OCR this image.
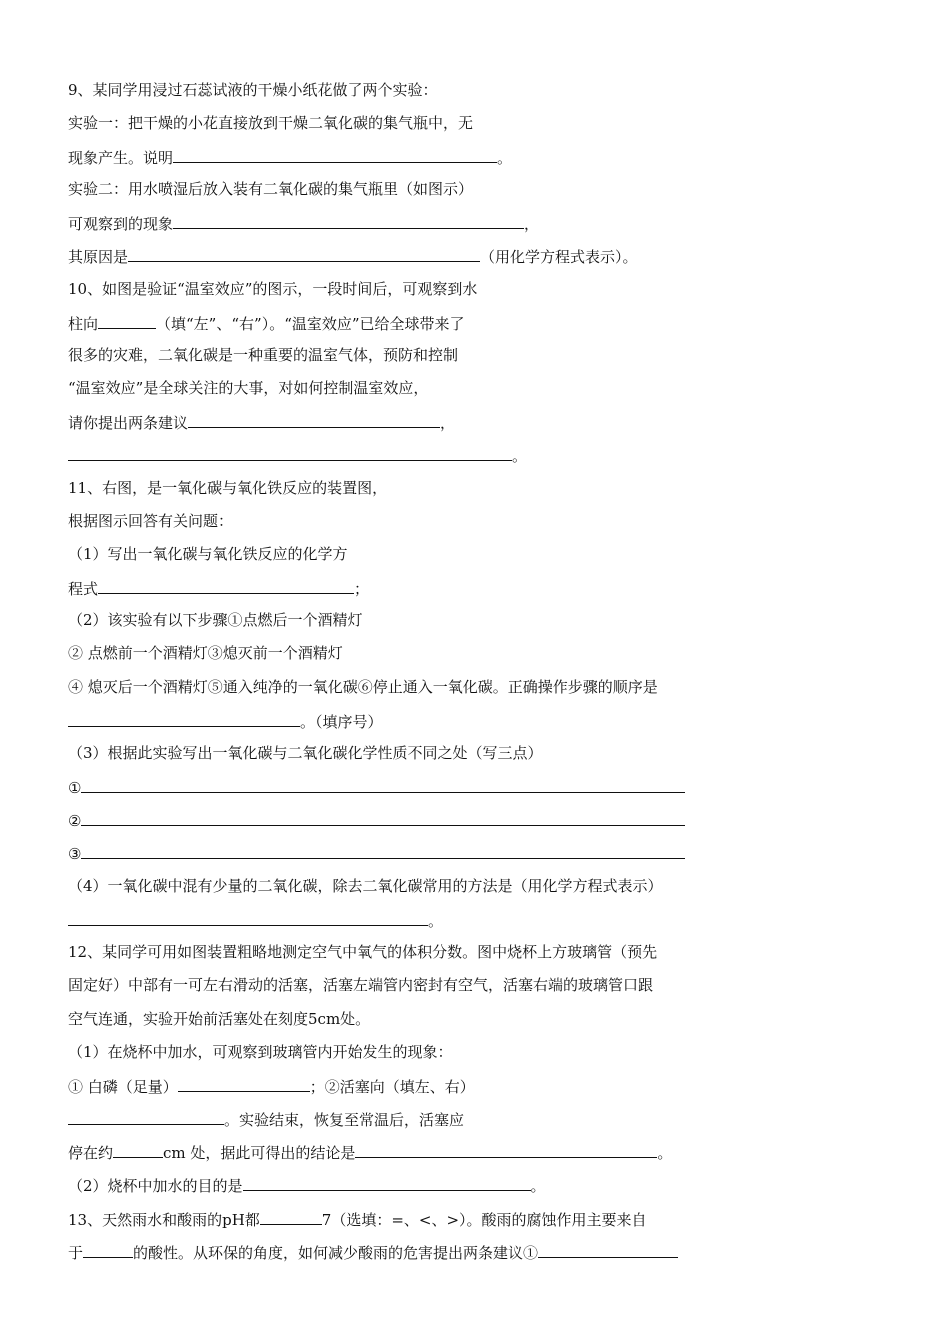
9、某同学用浸过石蕊试液的干燥小纸花做了两个实验：
实验一：把干燥的小花直接放到干燥二氧化碳的集气瓶中，无
现象产生。说明	。
实验二：用水喷湿后放入装有二氧化碳的集气瓶里（如图示）
可观察到的现象	，
其原因是	（用化学方程式表示）。
10、如图是验证“温室效应”的图示，一段时间后，可观察到水
柱向	（填“左”、“右”）。“温室效应”已给全球带来了
很多的灾难，二氧化碳是一种重要的温室气体，预防和控制
“温室效应”是全球关注的大事，对如何控制温室效应，
请你提出两条建议	，
。
11、右图，是一氧化碳与氧化铁反应的装置图，
根据图示回答有关问题：
（1）写出一氧化碳与氧化铁反应的化学方
程式	；
（2）该实验有以下步骤①点燃后一个酒精灯
② 点燃前一个酒精灯③熄灭前一个酒精灯
④ 熄灭后一个酒精灯⑤通入纯净的一氧化碳⑥停止通入一氧化碳。正确操作步骤的顺序是
。（填序号）
（3）根据此实验写出一氧化碳与二氧化碳化学性质不同之处（写三点）
①
②
③
（4）一氧化碳中混有少量的二氧化碳，除去二氧化碳常用的方法是（用化学方程式表示）
。
12、某同学可用如图装置粗略地测定空气中氧气的体积分数。图中烧杯上方玻璃管（预先
固定好）中部有一可左右滑动的活塞，活塞左端管内密封有空气，活塞右端的玻璃管口跟
空气连通，实验开始前活塞处在刻度5cm处。
（1）在烧杯中加水，可观察到玻璃管内开始发生的现象：
① 白磷（足量）	；②活塞向（填左、右）
。实验结束，恢复至常温后，活塞应
停在约	cm 处，据此可得出的结论是	。
（2）烧杯中加水的目的是	。
13、天然雨水和酸雨的pH都	7（选填：=、<、>）。酸雨的腐蚀作用主要来自
于	的酸性。从环保的角度，如何减少酸雨的危害提出两条建议①
